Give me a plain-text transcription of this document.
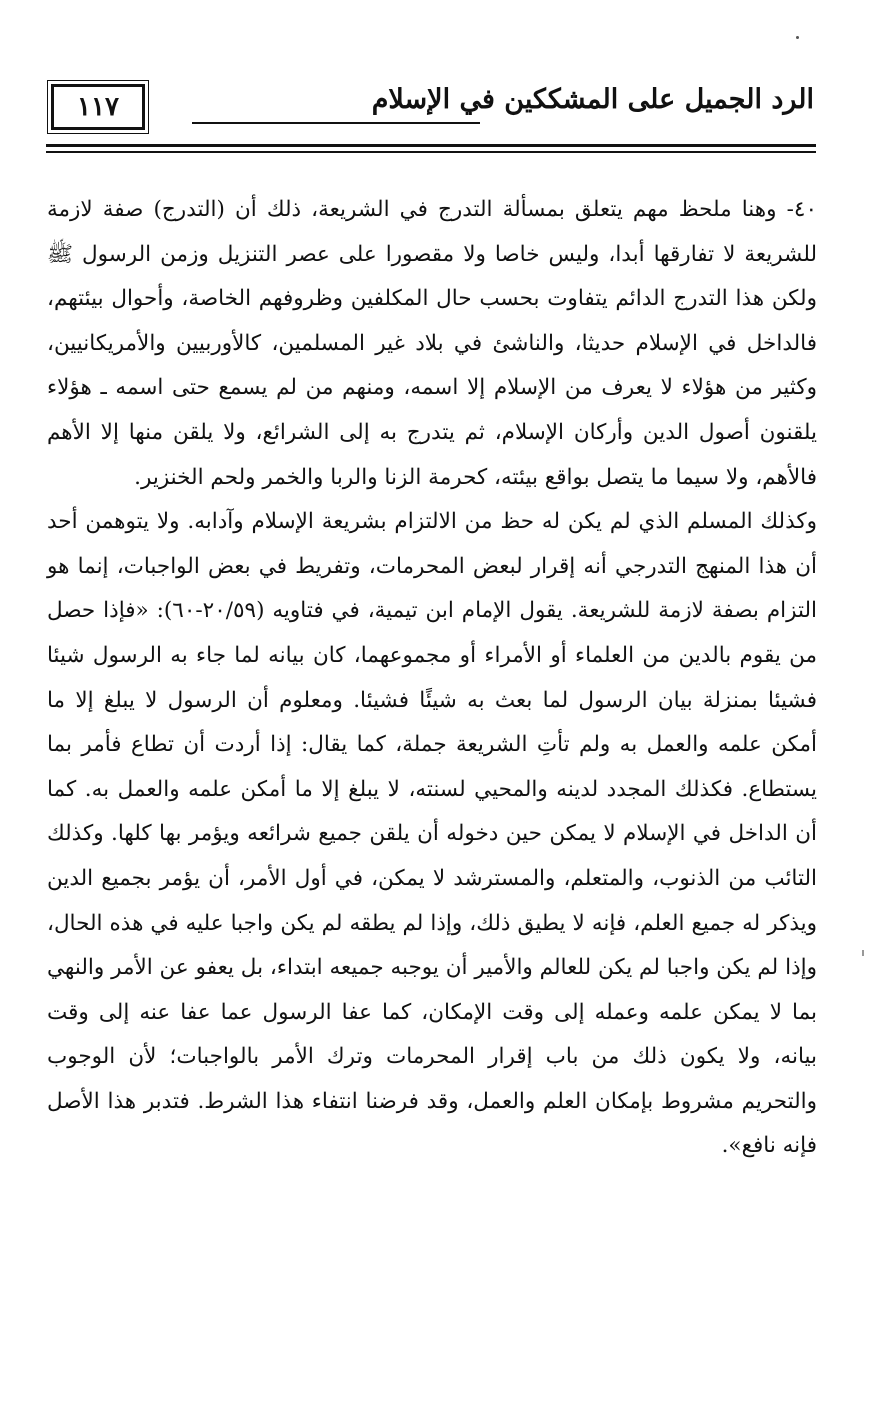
١١٧	الرد الجميل على المشككين في الإسلام

٤٠- وهنا ملحظ مهم يتعلق بمسألة التدرج في الشريعة، ذلك أن (التدرج) صفة لازمة للشريعة لا تفارقها أبدا، وليس خاصا ولا مقصورا على عصر التنزيل وزمن الرسول ﷺ ولكن هذا التدرج الدائم يتفاوت بحسب حال المكلفين وظروفهم الخاصة، وأحوال بيئتهم، فالداخل في الإسلام حديثا، والناشئ في بلاد غير المسلمين، كالأوربيين والأمريكانيين، وكثير من هؤلاء لا يعرف من الإسلام إلا اسمه، ومنهم من لم يسمع حتى اسمه ـ هؤلاء يلقنون أصول الدين وأركان الإسلام، ثم يتدرج به إلى الشرائع، ولا يلقن منها إلا الأهم فالأهم، ولا سيما ما يتصل بواقع بيئته، كحرمة الزنا والربا والخمر ولحم الخنزير.

وكذلك المسلم الذي لم يكن له حظ من الالتزام بشريعة الإسلام وآدابه. ولا يتوهمن أحد أن هذا المنهج التدرجي أنه إقرار لبعض المحرمات، وتفريط في بعض الواجبات، إنما هو التزام بصفة لازمة للشريعة. يقول الإمام ابن تيمية، في فتاويه (٢٠/٥٩-٦٠): «فإذا حصل من يقوم بالدين من العلماء أو الأمراء أو مجموعهما، كان بيانه لما جاء به الرسول شيئا فشيئا بمنزلة بيان الرسول لما بعث به شيئًا فشيئا. ومعلوم أن الرسول لا يبلغ إلا ما أمكن علمه والعمل به ولم تأتِ الشريعة جملة، كما يقال: إذا أردت أن تطاع فأمر بما يستطاع. فكذلك المجدد لدينه والمحيي لسنته، لا يبلغ إلا ما أمكن علمه والعمل به. كما أن الداخل في الإسلام لا يمكن حين دخوله أن يلقن جميع شرائعه ويؤمر بها كلها. وكذلك التائب من الذنوب، والمتعلم، والمسترشد لا يمكن، في أول الأمر، أن يؤمر بجميع الدين ويذكر له جميع العلم، فإنه لا يطيق ذلك، وإذا لم يطقه لم يكن واجبا عليه في هذه الحال، وإذا لم يكن واجبا لم يكن للعالم والأمير أن يوجبه جميعه ابتداء، بل يعفو عن الأمر والنهي بما لا يمكن علمه وعمله إلى وقت الإمكان، كما عفا الرسول عما عفا عنه إلى وقت بيانه، ولا يكون ذلك من باب إقرار المحرمات وترك الأمر بالواجبات؛ لأن الوجوب والتحريم مشروط بإمكان العلم والعمل، وقد فرضنا انتفاء هذا الشرط. فتدبر هذا الأصل فإنه نافع».
